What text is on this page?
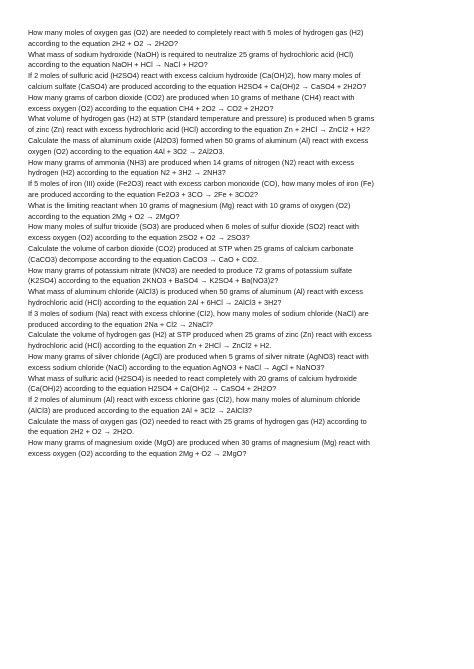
How many moles of oxygen gas (O2) are needed to completely react with 5 moles of hydrogen gas (H2)
according to the equation 2H2 + O2 → 2H2O?
What mass of sodium hydroxide (NaOH) is required to neutralize 25 grams of hydrochloric acid (HCl)
according to the equation NaOH + HCl → NaCl + H2O?
If 2 moles of sulfuric acid (H2SO4) react with excess calcium hydroxide (Ca(OH)2), how many moles of
calcium sulfate (CaSO4) are produced according to the equation H2SO4 + Ca(OH)2 → CaSO4 + 2H2O?
How many grams of carbon dioxide (CO2) are produced when 10 grams of methane (CH4) react with
excess oxygen (O2) according to the equation CH4 + 2O2 → CO2 + 2H2O?
What volume of hydrogen gas (H2) at STP (standard temperature and pressure) is produced when 5 grams
of zinc (Zn) react with excess hydrochloric acid (HCl) according to the equation Zn + 2HCl → ZnCl2 + H2?
Calculate the mass of aluminum oxide (Al2O3) formed when 50 grams of aluminum (Al) react with excess
oxygen (O2) according to the equation 4Al + 3O2 → 2Al2O3.
How many grams of ammonia (NH3) are produced when 14 grams of nitrogen (N2) react with excess
hydrogen (H2) according to the equation N2 + 3H2 → 2NH3?
If 5 moles of iron (III) oxide (Fe2O3) react with excess carbon monoxide (CO), how many moles of iron (Fe)
are produced according to the equation Fe2O3 + 3CO → 2Fe + 3CO2?
What is the limiting reactant when 10 grams of magnesium (Mg) react with 10 grams of oxygen (O2)
according to the equation 2Mg + O2 → 2MgO?
How many moles of sulfur trioxide (SO3) are produced when 6 moles of sulfur dioxide (SO2) react with
excess oxygen (O2) according to the equation 2SO2 + O2 → 2SO3?
Calculate the volume of carbon dioxide (CO2) produced at STP when 25 grams of calcium carbonate
(CaCO3) decompose according to the equation CaCO3 → CaO + CO2.
How many grams of potassium nitrate (KNO3) are needed to produce 72 grams of potassium sulfate
(K2SO4) according to the equation 2KNO3 + BaSO4 → K2SO4 + Ba(NO3)2?
What mass of aluminum chloride (AlCl3) is produced when 50 grams of aluminum (Al) react with excess
hydrochloric acid (HCl) according to the equation 2Al + 6HCl → 2AlCl3 + 3H2?
If 3 moles of sodium (Na) react with excess chlorine (Cl2), how many moles of sodium chloride (NaCl) are
produced according to the equation 2Na + Cl2 → 2NaCl?
Calculate the volume of hydrogen gas (H2) at STP produced when 25 grams of zinc (Zn) react with excess
hydrochloric acid (HCl) according to the equation Zn + 2HCl → ZnCl2 + H2.
How many grams of silver chloride (AgCl) are produced when 5 grams of silver nitrate (AgNO3) react with
excess sodium chloride (NaCl) according to the equation AgNO3 + NaCl → AgCl + NaNO3?
What mass of sulfuric acid (H2SO4) is needed to react completely with 20 grams of calcium hydroxide
(Ca(OH)2) according to the equation H2SO4 + Ca(OH)2 → CaSO4 + 2H2O?
If 2 moles of aluminum (Al) react with excess chlorine gas (Cl2), how many moles of aluminum chloride
(AlCl3) are produced according to the equation 2Al + 3Cl2 → 2AlCl3?
Calculate the mass of oxygen gas (O2) needed to react with 25 grams of hydrogen gas (H2) according to
the equation 2H2 + O2 → 2H2O.
How many grams of magnesium oxide (MgO) are produced when 30 grams of magnesium (Mg) react with
excess oxygen (O2) according to the equation 2Mg + O2 → 2MgO?
